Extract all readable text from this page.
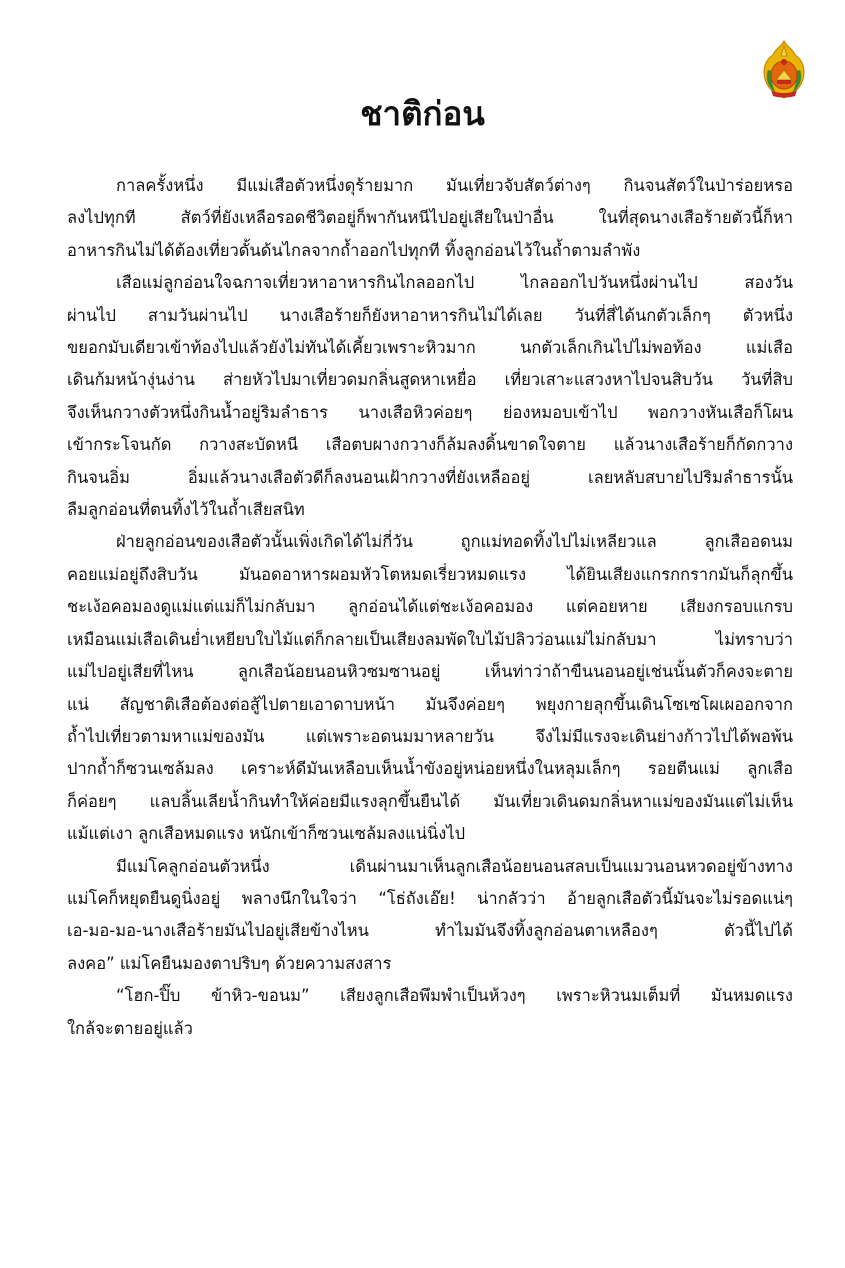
ชาติก่อน

กาลครั้งหนึ่ง มีแม่เสือตัวหนึ่งดุร้ายมาก มันเที่ยวจับสัตว์ต่างๆ กินจนสัตว์ในป่าร่อยหรอ
ลงไปทุกที สัตว์ที่ยังเหลือรอดชีวิตอยู่ก็พากันหนีไปอยู่เสียในป่าอื่น ในที่สุดนางเสือร้ายตัวนี้ก็หา
อาหารกินไม่ได้ต้องเที่ยวดั้นด้นไกลจากถ้ำออกไปทุกที ทิ้งลูกอ่อนไว้ในถ้ำตามลำพัง

เสือแม่ลูกอ่อนใจฉกาจเที่ยวหาอาหารกินไกลออกไป ไกลออกไปวันหนึ่งผ่านไป สองวัน
ผ่านไป สามวันผ่านไป นางเสือร้ายก็ยังหาอาหารกินไม่ได้เลย วันที่สี่ได้นกตัวเล็กๆ ตัวหนึ่ง
ขยอกมับเดียวเข้าท้องไปแล้วยังไม่ทันได้เคี้ยวเพราะหิวมาก นกตัวเล็กเกินไปไม่พอท้อง แม่เสือ
เดินก้มหน้างุ่นง่าน ส่ายหัวไปมาเที่ยวดมกลิ่นสูดหาเหยื่อ เที่ยวเสาะแสวงหาไปจนสิบวัน วันที่สิบ
จึงเห็นกวางตัวหนึ่งกินน้ำอยู่ริมลำธาร นางเสือหิวค่อยๆ ย่องหมอบเข้าไป พอกวางหันเสือก็โผน
เข้ากระโจนกัด กวางสะบัดหนี เสือตบผางกวางก็ล้มลงดิ้นขาดใจตาย แล้วนางเสือร้ายก็กัดกวาง
กินจนอิ่ม อิ่มแล้วนางเสือตัวดีก็ลงนอนเฝ้ากวางที่ยังเหลืออยู่ เลยหลับสบายไปริมลำธารนั้น
ลืมลูกอ่อนที่ตนทิ้งไว้ในถ้ำเสียสนิท

ฝ่ายลูกอ่อนของเสือตัวนั้นเพิ่งเกิดได้ไม่กี่วัน ถูกแม่ทอดทิ้งไปไม่เหลียวแล ลูกเสืออดนม
คอยแม่อยู่ถึงสิบวัน มันอดอาหารผอมหัวโตหมดเรี่ยวหมดแรง ได้ยินเสียงแกรกกรากมันก็ลุกขึ้น
ชะเง้อคอมองดูแม่แต่แม่ก็ไม่กลับมา ลูกอ่อนได้แต่ชะเง้อคอมอง แต่คอยหาย เสียงกรอบแกรบ
เหมือนแม่เสือเดินย่ำเหยียบใบไม้แต่ก็กลายเป็นเสียงลมพัดใบไม้ปลิวว่อนแม่ไม่กลับมา ไม่ทราบว่า
แม่ไปอยู่เสียที่ไหน ลูกเสือน้อยนอนหิวซมซานอยู่ เห็นท่าว่าถ้าขืนนอนอยู่เช่นนั้นตัวก็คงจะตาย
แน่ สัญชาติเสือต้องต่อสู้ไปตายเอาดาบหน้า มันจึงค่อยๆ พยุงกายลุกขึ้นเดินโซเซโผเผออกจาก
ถ้ำไปเที่ยวตามหาแม่ของมัน แต่เพราะอดนมมาหลายวัน จึงไม่มีแรงจะเดินย่างก้าวไปได้พอพ้น
ปากถ้ำก็ซวนเซล้มลง เคราะห์ดีมันเหลือบเห็นน้ำขังอยู่หน่อยหนึ่งในหลุมเล็กๆ รอยตีนแม่ ลูกเสือ
ก็ค่อยๆ แลบลิ้นเลียน้ำกินทำให้ค่อยมีแรงลุกขึ้นยืนได้ มันเที่ยวเดินดมกลิ่นหาแม่ของมันแต่ไม่เห็น
แม้แต่เงา ลูกเสือหมดแรง หนักเข้าก็ซวนเซล้มลงแน่นิ่งไป

มีแม่โคลูกอ่อนตัวหนึ่ง เดินผ่านมาเห็นลูกเสือน้อยนอนสลบเป็นแมวนอนหวดอยู่ข้างทาง
แม่โคก็หยุดยืนดูนิ่งอยู่ พลางนึกในใจว่า “โธ่ถังเอ๊ย! น่ากลัวว่า อ้ายลูกเสือตัวนี้มันจะไม่รอดแน่ๆ
เอ-มอ-มอ-นางเสือร้ายมันไปอยู่เสียข้างไหน ทำไมมันจึงทิ้งลูกอ่อนตาเหลืองๆ ตัวนี้ไปได้
ลงคอ” แม่โคยืนมองตาปริบๆ ด้วยความสงสาร

“โฮก-ปิ๊บ ข้าหิว-ขอนม” เสียงลูกเสือพึมพำเป็นห้วงๆ เพราะหิวนมเต็มที่ มันหมดแรง
ใกล้จะตายอยู่แล้ว
